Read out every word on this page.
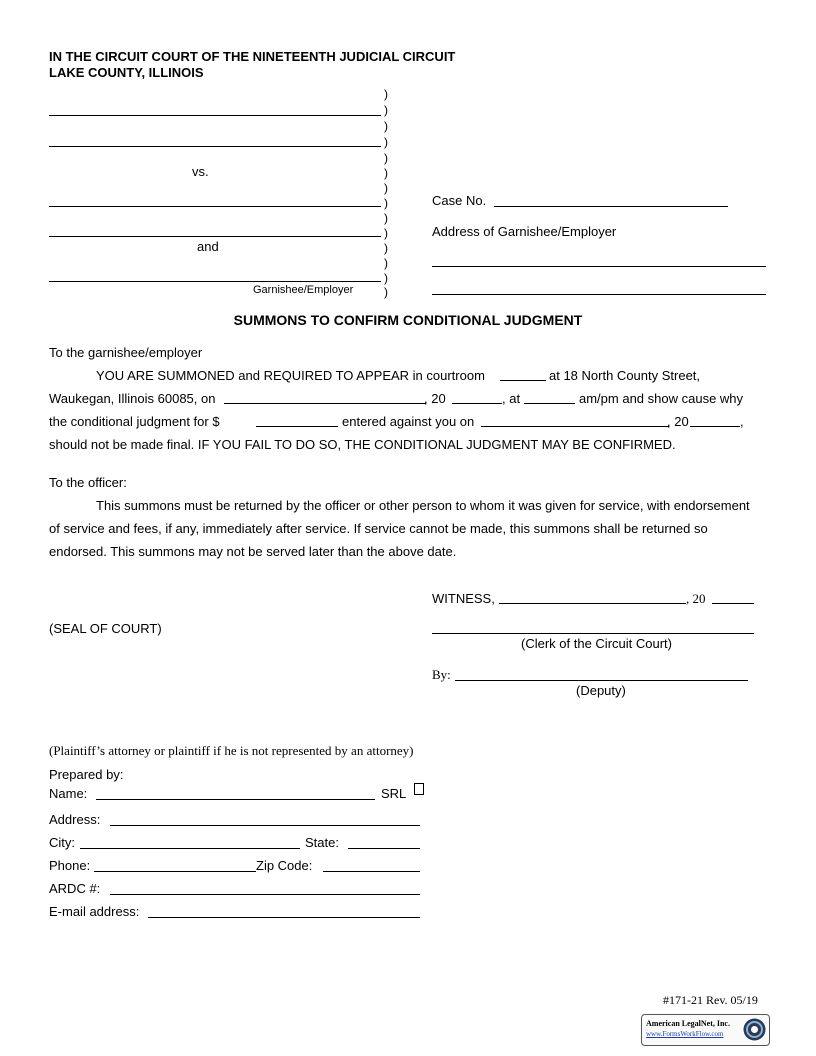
IN THE CIRCUIT COURT OF THE NINETEENTH JUDICIAL CIRCUIT
LAKE COUNTY, ILLINOIS
vs.
and
Garnishee/Employer
)
)
)
)
)
)
)
)
)
)
)
)
)
)
Case No.
Address of Garnishee/Employer
SUMMONS TO CONFIRM CONDITIONAL JUDGMENT
To the garnishee/employer
YOU ARE SUMMONED and REQUIRED TO APPEAR in courtroom	at 18 North County Street,
Waukegan, Illinois 60085, on	, 20	, at	am/pm and show cause why
the conditional judgment for $	entered against you on	, 20	,
should not be made final. IF YOU FAIL TO DO SO, THE CONDITIONAL JUDGMENT MAY BE CONFIRMED.
To the officer:
This summons must be returned by the officer or other person to whom it was given for service, with endorsement
of service and fees, if any, immediately after service. If service cannot be made, this summons shall be returned so
endorsed. This summons may not be served later than the above date.
WITNESS,	, 20
(SEAL OF COURT)
(Clerk of the Circuit Court)
By:
(Deputy)
(Plaintiff’s attorney or plaintiff if he is not represented by an attorney)
Prepared by:
Name:	SRL
Address:
City:	State:
Phone:	Zip Code:
ARDC #:
E-mail address:
#171-21 Rev. 05/19
American LegalNet, Inc.
www.FormsWorkFlow.com
